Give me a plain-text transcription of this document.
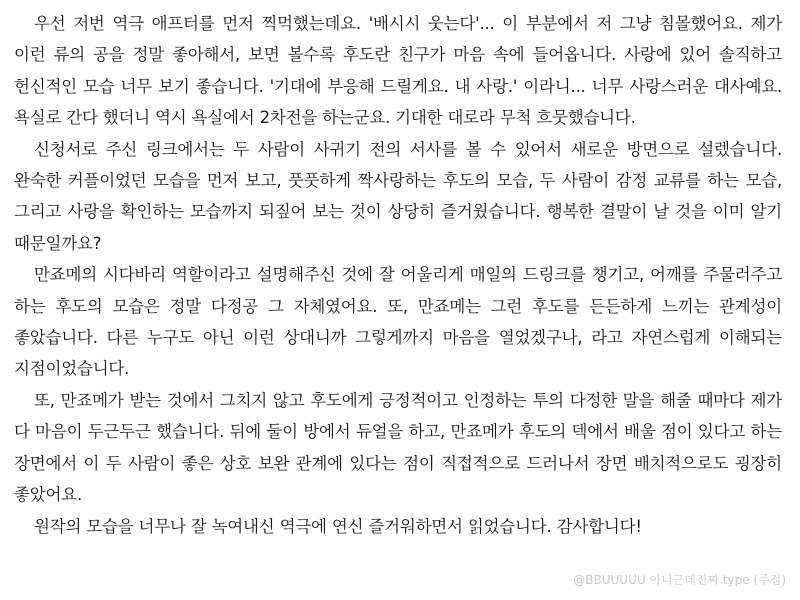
우선 저번 역극 애프터를 먼저 찍먹했는데요. '배시시 웃는다'... 이 부분에서 저 그냥 침몰했어요. 제가 이런 류의 공을 정말 좋아해서, 보면 볼수록 후도란 친구가 마음 속에 들어옵니다. 사랑에 있어 솔직하고 헌신적인 모습 너무 보기 좋습니다. '기대에 부응해 드릴게요. 내 사랑.' 이라니... 너무 사랑스러운 대사예요. 욕실로 간다 했더니 역시 욕실에서 2차전을 하는군요. 기대한 대로라 무척 흐뭇했습니다.

신청서로 주신 링크에서는 두 사람이 사귀기 전의 서사를 볼 수 있어서 새로운 방면으로 설렜습니다. 완숙한 커플이었던 모습을 먼저 보고, 풋풋하게 짝사랑하는 후도의 모습, 두 사람이 감정 교류를 하는 모습, 그리고 사랑을 확인하는 모습까지 되짚어 보는 것이 상당히 즐거웠습니다. 행복한 결말이 날 것을 이미 알기 때문일까요?

만죠메의 시다바리 역할이라고 설명해주신 것에 잘 어울리게 매일의 드링크를 챙기고, 어깨를 주물러주고 하는 후도의 모습은 정말 다정공 그 자체였어요. 또, 만죠메는 그런 후도를 든든하게 느끼는 관계성이 좋았습니다. 다른 누구도 아닌 이런 상대니까 그렇게까지 마음을 열었겠구나, 라고 자연스럽게 이해되는 지점이었습니다.

또, 만죠메가 받는 것에서 그치지 않고 후도에게 긍정적이고 인정하는 투의 다정한 말을 해줄 때마다 제가 다 마음이 두근두근 했습니다. 뒤에 둘이 방에서 듀얼을 하고, 만죠메가 후도의 덱에서 배울 점이 있다고 하는 장면에서 이 두 사람이 좋은 상호 보완 관계에 있다는 점이 직접적으로 드러나서 장면 배치적으로도 굉장히 좋았어요.

원작의 모습을 너무나 잘 녹여내신 역극에 연신 즐거워하면서 읽었습니다. 감사합니다!

@BBUUUUU 아니근데진짜 type (주점)
